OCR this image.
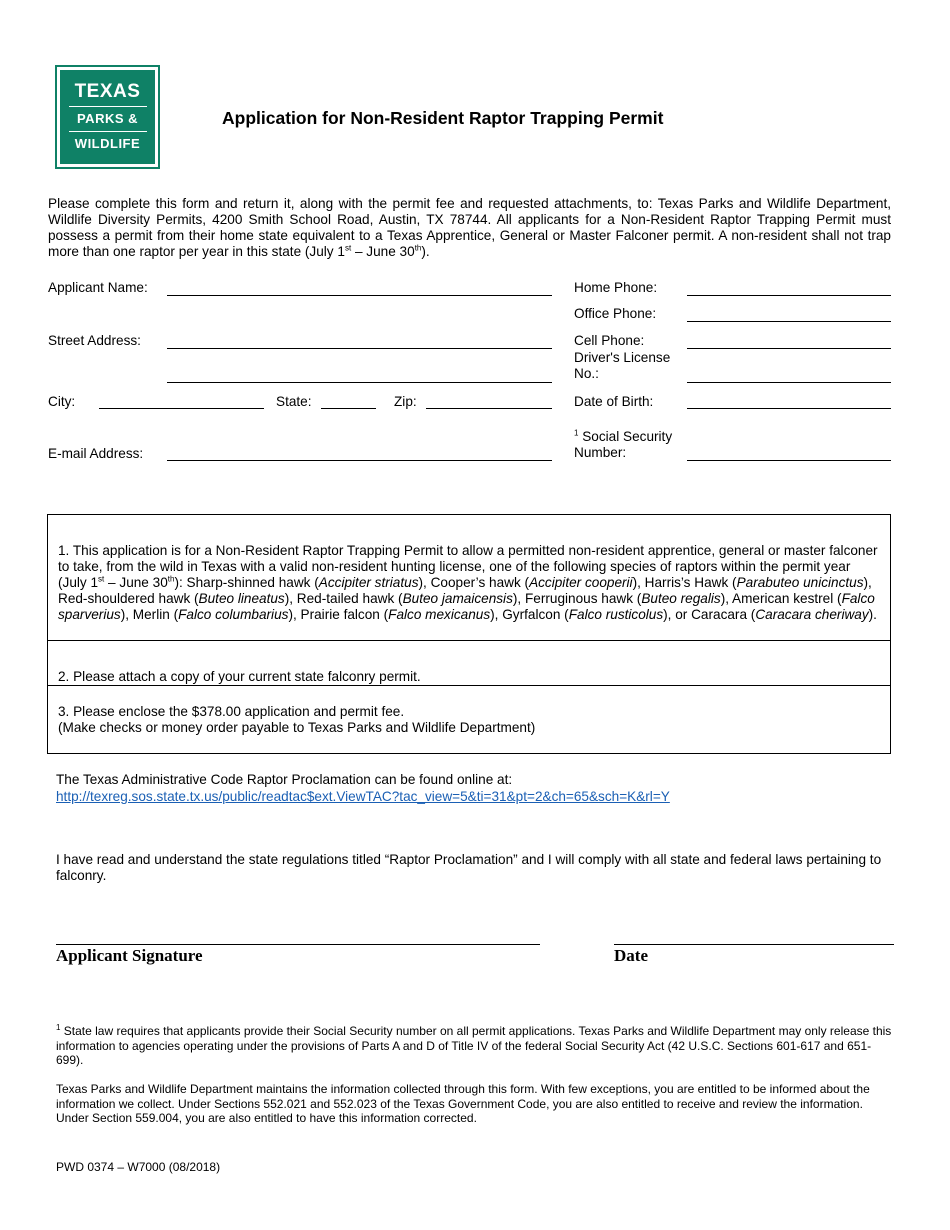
TEXAS
PARKS &
WILDLIFE
Application for Non-Resident Raptor Trapping Permit
Please complete this form and return it, along with the permit fee and requested attachments, to: Texas Parks and Wildlife Department, Wildlife Diversity Permits, 4200 Smith School Road, Austin, TX 78744. All applicants for a Non-Resident Raptor Trapping Permit must possess a permit from their home state equivalent to a Texas Apprentice, General or Master Falconer permit. A non-resident shall not trap more than one raptor per year in this state (July 1st – June 30th).
Applicant Name:
Street Address:
City:	State:	Zip:
E-mail Address:
Home Phone:
Office Phone:
Cell Phone:
Driver's License
No.:
Date of Birth:
$^1$ Social Security
Number:
1. This application is for a Non-Resident Raptor Trapping Permit to allow a permitted non-resident apprentice, general or master falconer to take, from the wild in Texas with a valid non-resident hunting license, one of the following species of raptors within the permit year (July 1st – June 30th): Sharp-shinned hawk (Accipiter striatus), Cooper’s hawk (Accipiter cooperii), Harris’s Hawk (Parabuteo unicinctus), Red-shouldered hawk (Buteo lineatus), Red-tailed hawk (Buteo jamaicensis), Ferruginous hawk (Buteo regalis), American kestrel (Falco sparverius), Merlin (Falco columbarius), Prairie falcon (Falco mexicanus), Gyrfalcon (Falco rusticolus), or Caracara (Caracara cheriway).
2. Please attach a copy of your current state falconry permit.
3. Please enclose the $378.00 application and permit fee.
(Make checks or money order payable to Texas Parks and Wildlife Department)
The Texas Administrative Code Raptor Proclamation can be found online at:
http://texreg.sos.state.tx.us/public/readtac$ext.ViewTAC?tac_view=5&ti=31&pt=2&ch=65&sch=K&rl=Y
I have read and understand the state regulations titled “Raptor Proclamation” and I will comply with all state and federal laws pertaining to falconry.
Applicant Signature	Date
$^1$ State law requires that applicants provide their Social Security number on all permit applications. Texas Parks and Wildlife Department may only release this information to agencies operating under the provisions of Parts A and D of Title IV of the federal Social Security Act (42 U.S.C. Sections 601-617 and 651-699).
Texas Parks and Wildlife Department maintains the information collected through this form. With few exceptions, you are entitled to be informed about the information we collect. Under Sections 552.021 and 552.023 of the Texas Government Code, you are also entitled to receive and review the information. Under Section 559.004, you are also entitled to have this information corrected.
PWD 0374 – W7000 (08/2018)
